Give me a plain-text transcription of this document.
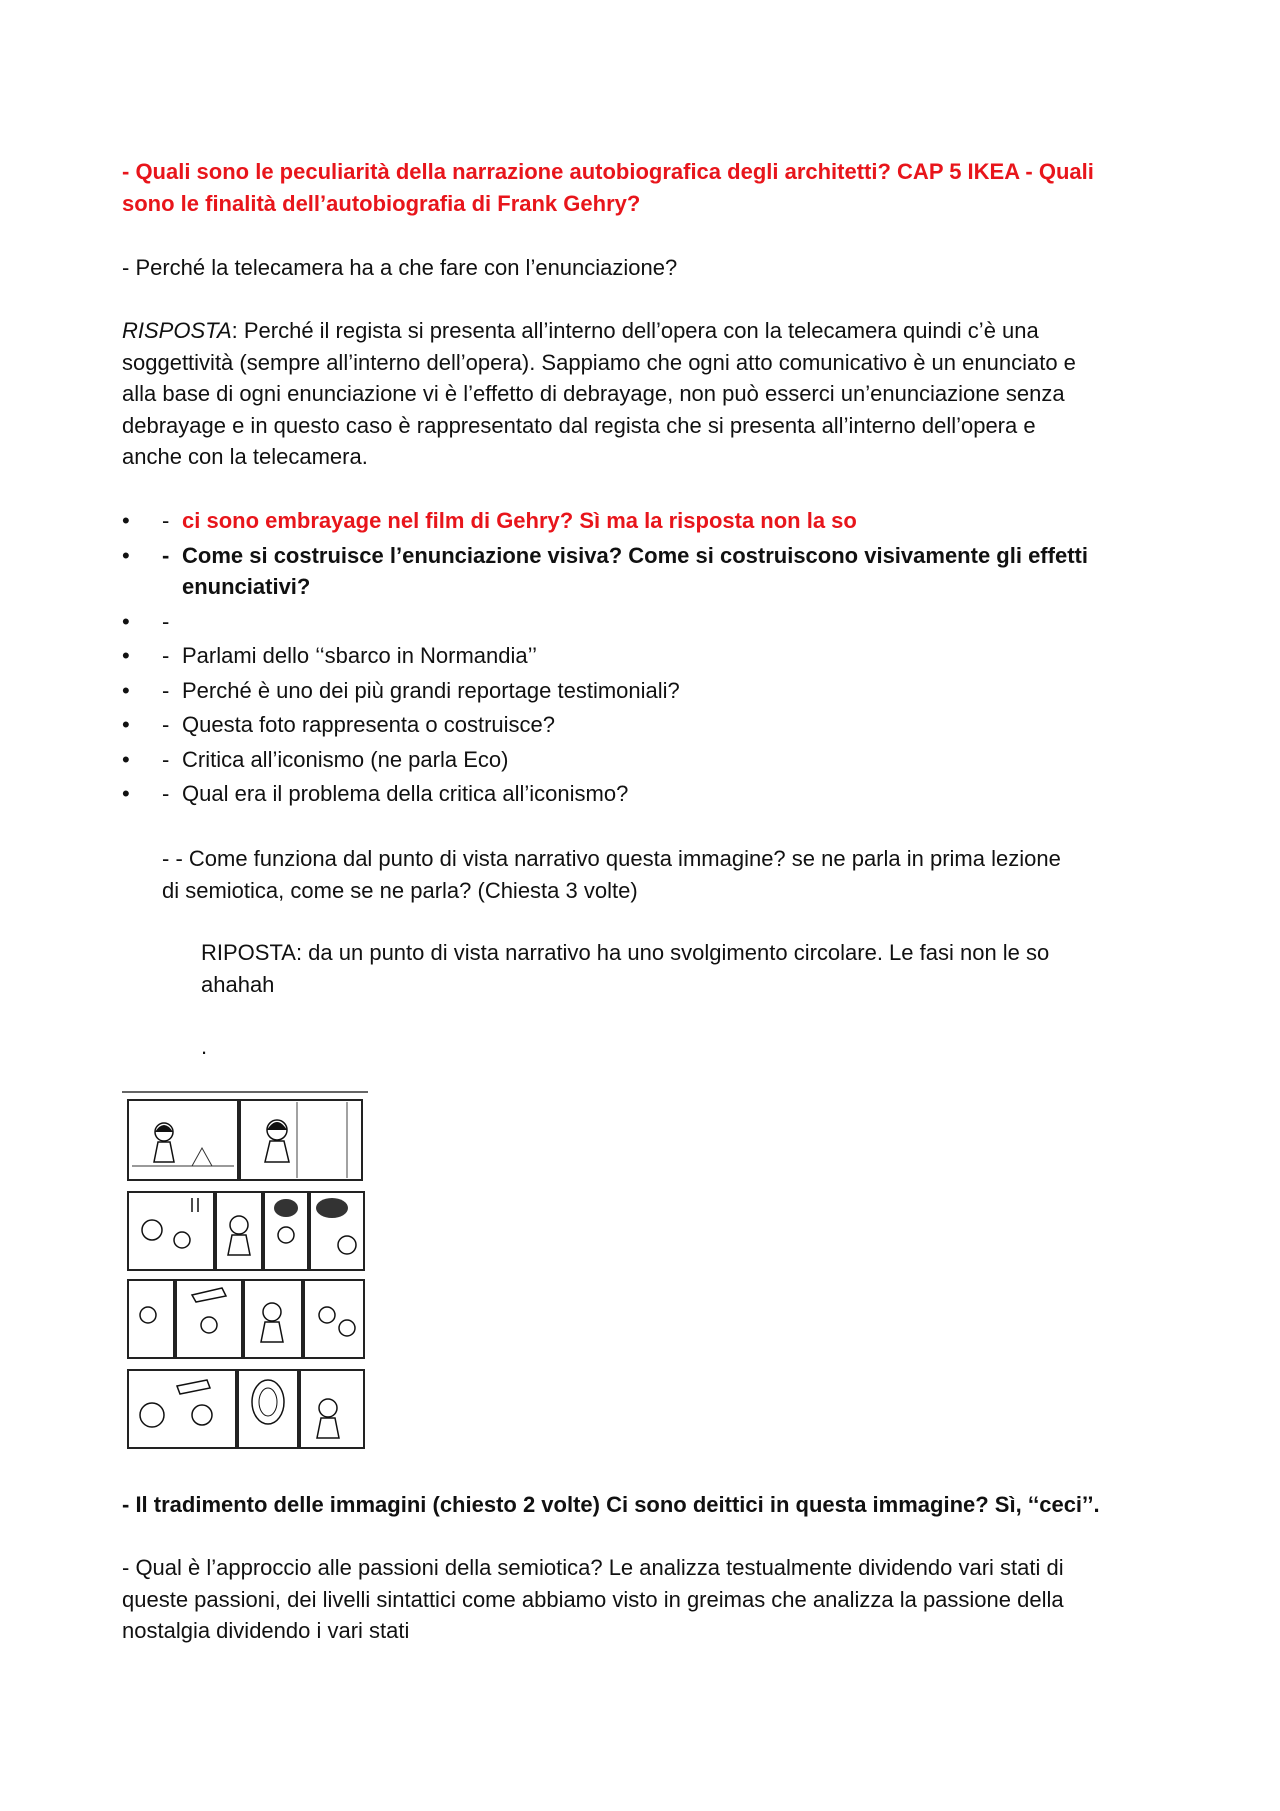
- Quali sono le peculiarità della narrazione autobiografica degli architetti? CAP 5 IKEA - Quali
sono le finalità dell’autobiografia di Frank Gehry?
- Perché la telecamera ha a che fare con l’enunciazione?
RISPOSTA: Perché il regista si presenta all’interno dell’opera con la telecamera quindi c’è una
soggettività (sempre all’interno dell’opera). Sappiamo che ogni atto comunicativo è un enunciato e
alla base di ogni enunciazione vi è l’effetto di debrayage, non può esserci un’enunciazione senza
debrayage e in questo caso è rappresentato dal regista che si presenta all’interno dell’opera e
anche con la telecamera.
•	- ci sono embrayage nel film di Gehry? Sì ma la risposta non la so
•	- Come si costruisce l’enunciazione visiva? Come si costruiscono visivamente gli effetti
enunciativi?
•	-
•	- Parlami dello ‘‘sbarco in Normandia’’
•	- Perché è uno dei più grandi reportage testimoniali?
•	- Questa foto rappresenta o costruisce?
•	- Critica all’iconismo (ne parla Eco)
•	- Qual era il problema della critica all’iconismo?
- - Come funziona dal punto di vista narrativo questa immagine? se ne parla in prima lezione
di semiotica, come se ne parla? (Chiesta 3 volte)
RIPOSTA: da un punto di vista narrativo ha uno svolgimento circolare. Le fasi non le so
ahahah
.
- Il tradimento delle immagini (chiesto 2 volte) Ci sono deittici in questa immagine? Sì, ‘‘ceci’’.
- Qual è l’approccio alle passioni della semiotica? Le analizza testualmente dividendo vari stati di
queste passioni, dei livelli sintattici come abbiamo visto in greimas che analizza la passione della
nostalgia dividendo i vari stati
